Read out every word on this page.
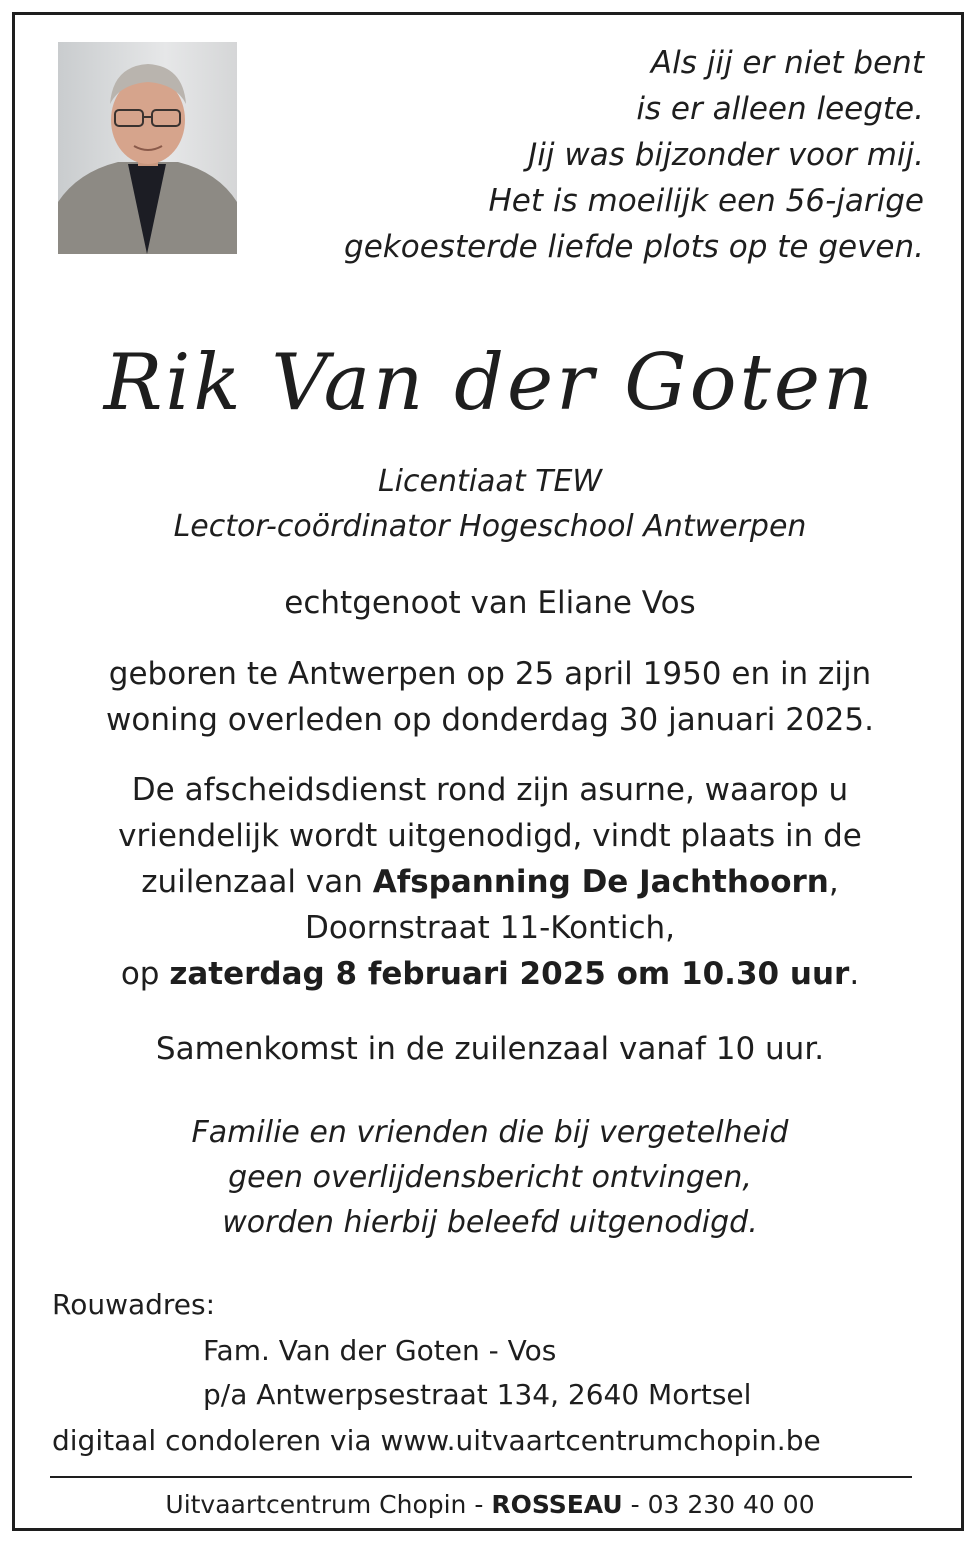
Als jij er niet bent
is er alleen leegte.
Jij was bijzonder voor mij.
Het is moeilijk een 56-jarige
gekoesterde liefde plots op te geven.
Rik Van der Goten
Licentiaat TEW
Lector-coördinator Hogeschool Antwerpen
echtgenoot van Eliane Vos
geboren te Antwerpen op 25 april 1950 en in zijn
woning overleden op donderdag 30 januari 2025.
De afscheidsdienst rond zijn asurne, waarop u
vriendelijk wordt uitgenodigd, vindt plaats in de
zuilenzaal van Afspanning De Jachthoorn,
Doornstraat 11-Kontich,
op zaterdag 8 februari 2025 om 10.30 uur.
Samenkomst in de zuilenzaal vanaf 10 uur.
Familie en vrienden die bij vergetelheid
geen overlijdensbericht ontvingen,
worden hierbij beleefd uitgenodigd.
Rouwadres:
Fam. Van der Goten - Vos
p/a Antwerpsestraat 134, 2640 Mortsel
digitaal condoleren via www.uitvaartcentrumchopin.be
Uitvaartcentrum Chopin - ROSSEAU - 03 230 40 00
